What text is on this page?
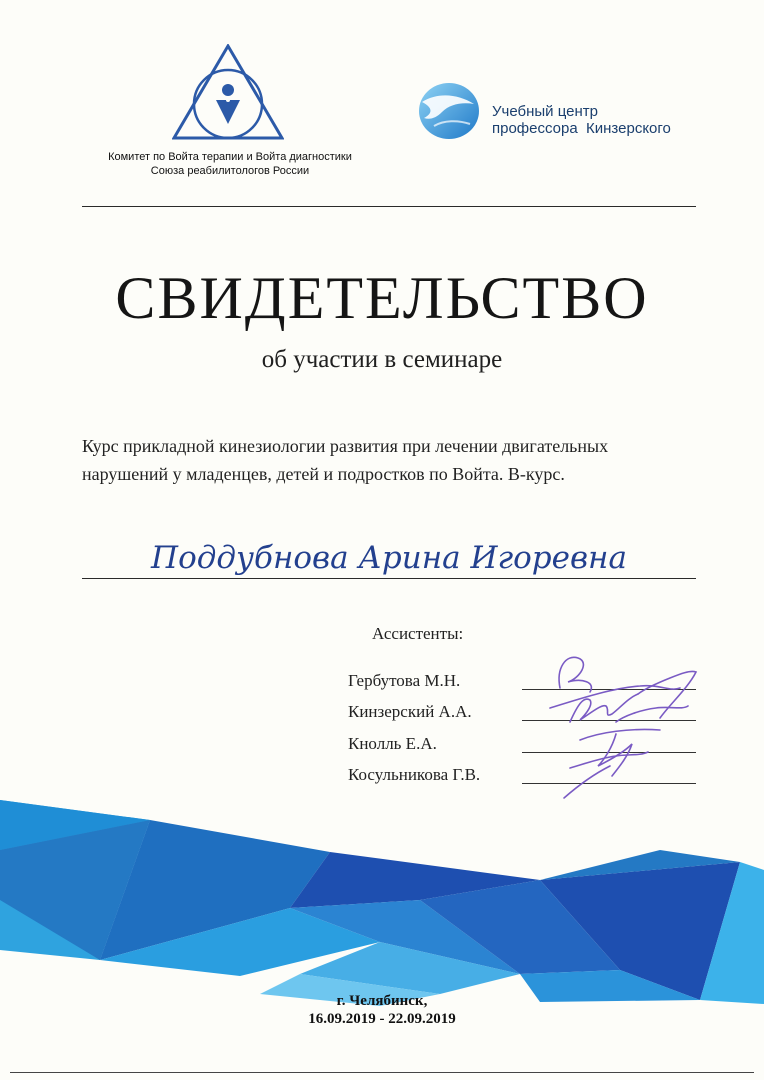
Комитет по Войта терапии и Войта диагностики
Союза реабилитологов России
Учебный центр
профессора  Кинзерского
СВИДЕТЕЛЬСТВО
об участии в семинаре
Курс прикладной кинезиологии развития при лечении двигательных
нарушений у младенцев, детей и подростков по Войта. В-курс.
Поддубнова Арина Игоревна
Ассистенты:
Гербутова М.Н.
Кинзерский А.А.
Кнолль Е.А.
Косульникова Г.В.
г. Челябинск,
16.09.2019 - 22.09.2019
